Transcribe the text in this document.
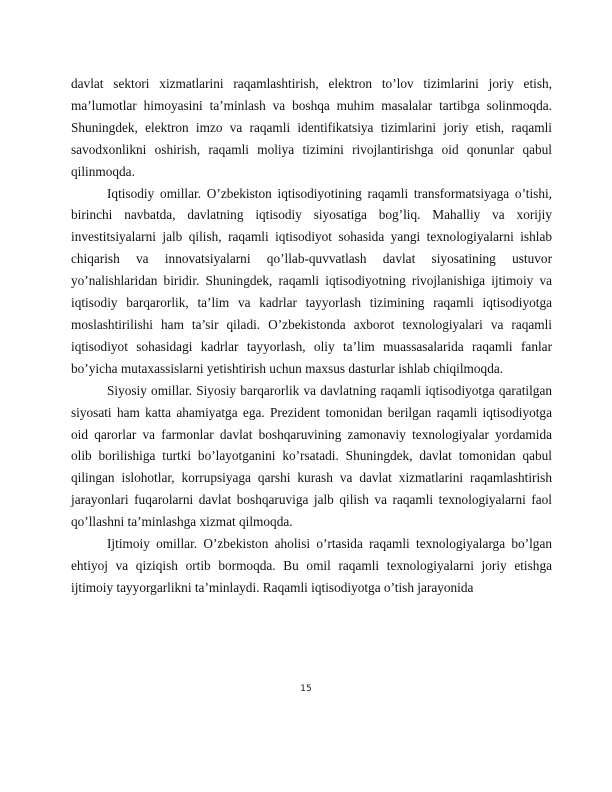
davlat sektori xizmatlarini raqamlashtirish, elektron to’lov tizimlarini joriy etish, ma’lumotlar himoyasini ta’minlash va boshqa muhim masalalar tartibga solinmoqda. Shuningdek, elektron imzo va raqamli identifikatsiya tizimlarini joriy etish, raqamli savodxonlikni oshirish, raqamli moliya tizimini rivojlantirishga oid qonunlar qabul qilinmoqda.

Iqtisodiy omillar. O’zbekiston iqtisodiyotining raqamli transformatsiyaga o’tishi, birinchi navbatda, davlatning iqtisodiy siyosatiga bog’liq. Mahalliy va xorijiy investitsiyalarni jalb qilish, raqamli iqtisodiyot sohasida yangi texnologiyalarni ishlab chiqarish va innovatsiyalarni qo’llab-quvvatlash davlat siyosatining ustuvor yo’nalishlaridan biridir. Shuningdek, raqamli iqtisodiyotning rivojlanishiga ijtimoiy va iqtisodiy barqarorlik, ta’lim va kadrlar tayyorlash tizimining raqamli iqtisodiyotga moslashtirilishi ham ta’sir qiladi. O’zbekistonda axborot texnologiyalari va raqamli iqtisodiyot sohasidagi kadrlar tayyorlash, oliy ta’lim muassasalarida raqamli fanlar bo’yicha mutaxassislarni yetishtirish uchun maxsus dasturlar ishlab chiqilmoqda.

Siyosiy omillar. Siyosiy barqarorlik va davlatning raqamli iqtisodiyotga qaratilgan siyosati ham katta ahamiyatga ega. Prezident tomonidan berilgan raqamli iqtisodiyotga oid qarorlar va farmonlar davlat boshqaruvining zamonaviy texnologiyalar yordamida olib borilishiga turtki bo’layotganini ko’rsatadi. Shuningdek, davlat tomonidan qabul qilingan islohotlar, korrupsiyaga qarshi kurash va davlat xizmatlarini raqamlashtirish jarayonlari fuqarolarni davlat boshqaruviga jalb qilish va raqamli texnologiyalarni faol qo’llashni ta’minlashga xizmat qilmoqda.

Ijtimoiy omillar. O’zbekiston aholisi o’rtasida raqamli texnologiyalarga bo’lgan ehtiyoj va qiziqish ortib bormoqda. Bu omil raqamli texnologiyalarni joriy etishga ijtimoiy tayyorgarlikni ta’minlaydi. Raqamli iqtisodiyotga o’tish jarayonida

15
